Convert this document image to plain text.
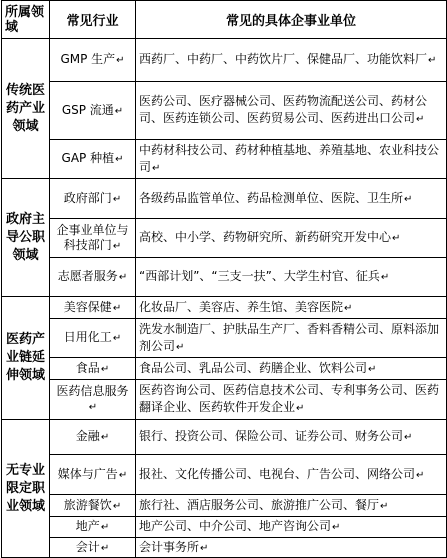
所属领域	常见行业	常见的具体企事业单位
传统医药产业领域	GMP 生产↵	西药厂、中药厂、中药饮片厂、保健品厂、功能饮料厂↵
	GSP 流通↵	医药公司、医疗器械公司、医药物流配送公司、药材公司、医药连锁公司、医药贸易公司、医药进出口公司↵
	GAP 种植↵	中药材科技公司、药材种植基地、养殖基地、农业科技公司↵
政府主导公职领域	政府部门↵	各级药品监管单位、药品检测单位、医院、卫生所↵
	企事业单位与科技部门↵	高校、中小学、药物研究所、新药研究开发中心↵
	志愿者服务↵	“西部计划”、“三支一扶”、大学生村官、征兵↵
医药产业链延伸领域	美容保健↵	化妆品厂、美容店、养生馆、美容医院↵
	日用化工↵	洗发水制造厂、护肤品生产厂、香料香精公司、原料添加剂公司↵
	食品↵	食品公司、乳品公司、药膳企业、饮料公司↵
	医药信息服务↵	医药咨询公司、医药信息技术公司、专利事务公司、医药翻译企业、医药软件开发企业↵
无专业限定职业领域	金融↵	银行、投资公司、保险公司、证券公司、财务公司↵
	媒体与广告↵	报社、文化传播公司、电视台、广告公司、网络公司↵
	旅游餐饮↵	旅行社、酒店服务公司、旅游推广公司、餐厅↵
	地产↵	地产公司、中介公司、地产咨询公司↵
	会计↵	会计事务所↵
